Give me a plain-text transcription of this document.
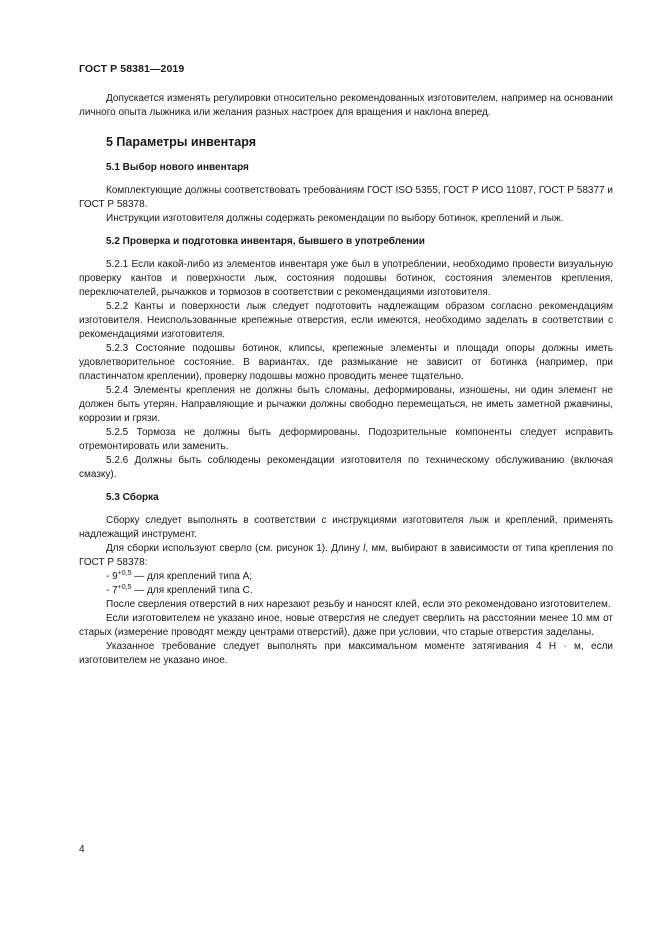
ГОСТ Р 58381—2019

Допускается изменять регулировки относительно рекомендованных изготовителем, например на основании личного опыта лыжника или желания разных настроек для вращения и наклона вперед.

5 Параметры инвентаря
5.1 Выбор нового инвентаря

Комплектующие должны соответствовать требованиям ГОСТ ISO 5355, ГОСТ Р ИСО 11087, ГОСТ Р 58377 и ГОСТ Р 58378.

Инструкции изготовителя должны содержать рекомендации по выбору ботинок, креплений и лыж.

5.2 Проверка и подготовка инвентаря, бывшего в употреблении

5.2.1 Если какой-либо из элементов инвентаря уже был в употреблении, необходимо провести визуальную проверку кантов и поверхности лыж, состояния подошвы ботинок, состояния элементов крепления, переключателей, рычажков и тормозов в соответствии с рекомендациями изготовителя.

5.2.2 Канты и поверхности лыж следует подготовить надлежащим образом согласно рекомендациям изготовителя. Неиспользованные крепежные отверстия, если имеются, необходимо заделать в соответствии с рекомендациями изготовителя.

5.2.3 Состояние подошвы ботинок, клипсы, крепежные элементы и площади опоры должны иметь удовлетворительное состояние. В вариантах, где размыкание не зависит от ботинка (например, при пластинчатом креплении), проверку подошвы можно проводить менее тщательно.

5.2.4 Элементы крепления не должны быть сломаны, деформированы, изношены, ни один элемент не должен быть утерян. Направляющие и рычажки должны свободно перемещаться, не иметь заметной ржавчины, коррозии и грязи.

5.2.5 Тормоза не должны быть деформированы. Подозрительные компоненты следует исправить отремонтировать или заменить.

5.2.6 Должны быть соблюдены рекомендации изготовителя по техническому обслуживанию (включая смазку).

5.3 Сборка

Сборку следует выполнять в соответствии с инструкциями изготовителя лыж и креплений, применять надлежащий инструмент.

Для сборки используют сверло (см. рисунок 1). Длину l, мм, выбирают в зависимости от типа крепления по ГОСТ Р 58378:

- $9^{+0,5}$ — для креплений типа А;
- $7^{+0,5}$ — для креплений типа С.

После сверления отверстий в них нарезают резьбу и наносят клей, если это рекомендовано изготовителем.

Если изготовителем не указано иное, новые отверстия не следует сверлить на расстоянии менее 10 мм от старых (измерение проводят между центрами отверстий), даже при условии, что старые отверстия заделаны.

Указанное требование следует выполнять при максимальном моменте затягивания 4 Н · м, если изготовителем не указано иное.

4
